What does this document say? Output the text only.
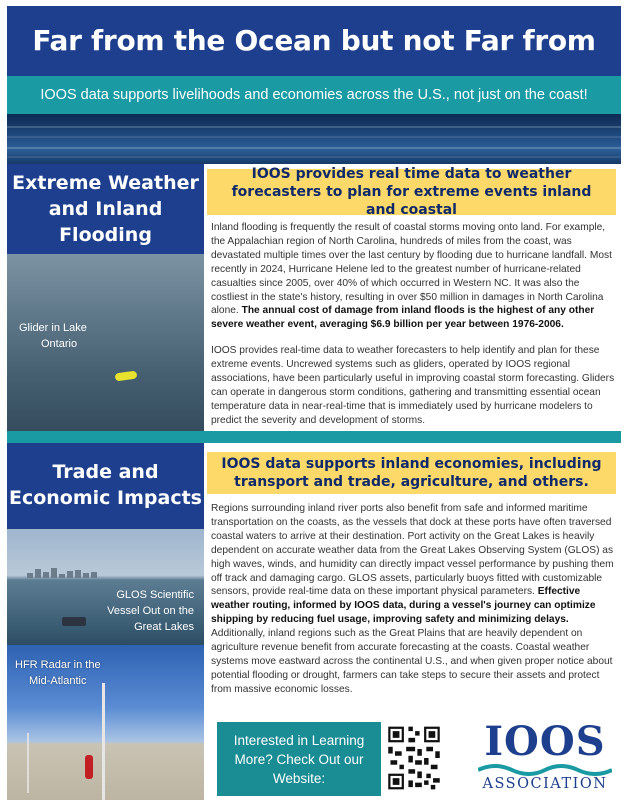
Far from the Ocean but not Far from

IOOS data supports livelihoods and economies across the U.S., not just on the coast!

Extreme Weather
and Inland
Flooding
Glider in Lake
Ontario
IOOS provides real time data to weather forecasters to plan for extreme events inland and coastal

Inland flooding is frequently the result of coastal storms moving onto land. For example, the Appalachian region of North Carolina, hundreds of miles from the coast, was devastated multiple times over the last century by flooding due to hurricane landfall. Most recently in 2024, Hurricane Helene led to the greatest number of hurricane-related casualties since 2005, over 40% of which occurred in Western NC. It was also the costliest in the state's history, resulting in over $50 million in damages in North Carolina alone. The annual cost of damage from inland floods is the highest of any other severe weather event, averaging $6.9 billion per year between 1976-2006.

IOOS provides real-time data to weather forecasters to help identify and plan for these extreme events. Uncrewed systems such as gliders, operated by IOOS regional associations, have been particularly useful in improving coastal storm forecasting. Gliders can operate in dangerous storm conditions, gathering and transmitting essential ocean temperature data in near-real-time that is immediately used by hurricane modelers to predict the severity and development of storms.

Trade and
Economic Impacts
GLOS Scientific
Vessel Out on the
Great Lakes
HFR Radar in the
Mid-Atlantic
IOOS data supports inland economies, including transport and trade, agriculture, and others.

Regions surrounding inland river ports also benefit from safe and informed maritime transportation on the coasts, as the vessels that dock at these ports have often traversed coastal waters to arrive at their destination. Port activity on the Great Lakes is heavily dependent on accurate weather data from the Great Lakes Observing System (GLOS) as high waves, winds, and humidity can directly impact vessel performance by pushing them off track and damaging cargo. GLOS assets, particularly buoys fitted with customizable sensors, provide real-time data on these important physical parameters. Effective weather routing, informed by IOOS data, during a vessel's journey can optimize shipping by reducing fuel usage, improving safety and minimizing delays. Additionally, inland regions such as the Great Plains that are heavily dependent on agriculture revenue benefit from accurate forecasting at the coasts. Coastal weather systems move eastward across the continental U.S., and when given proper notice about potential flooding or drought, farmers can take steps to secure their assets and protect from massive economic losses.

Interested in Learning
More? Check Out our
Website:
IOOS
ASSOCIATION
